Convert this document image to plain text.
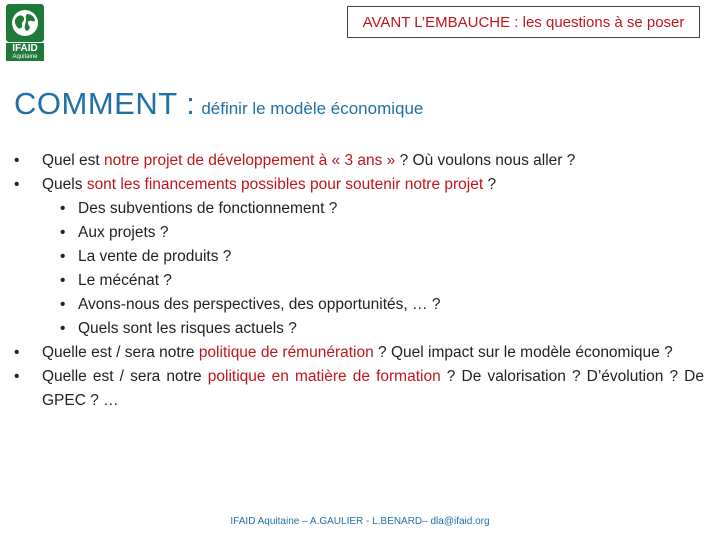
IFAID
Aquitaine
AVANT L’EMBAUCHE : les questions à se poser
COMMENT : définir le modèle économique
• Quel est notre projet de développement à « 3 ans » ? Où voulons nous aller ?
• Quels sont les financements possibles pour soutenir notre projet ?
• Des subventions de fonctionnement ?
• Aux projets ?
• La vente de produits ?
• Le mécénat ?
• Avons-nous des perspectives, des opportunités, … ?
• Quels sont les risques actuels ?
• Quelle est / sera notre politique de rémunération ? Quel impact sur le modèle économique ?
• Quelle est / sera notre politique en matière de formation ? De valorisation ? D’évolution ? De GPEC ? …
IFAID Aquitaine – A.GAULIER - L.BENARD– dla@ifaid.org
